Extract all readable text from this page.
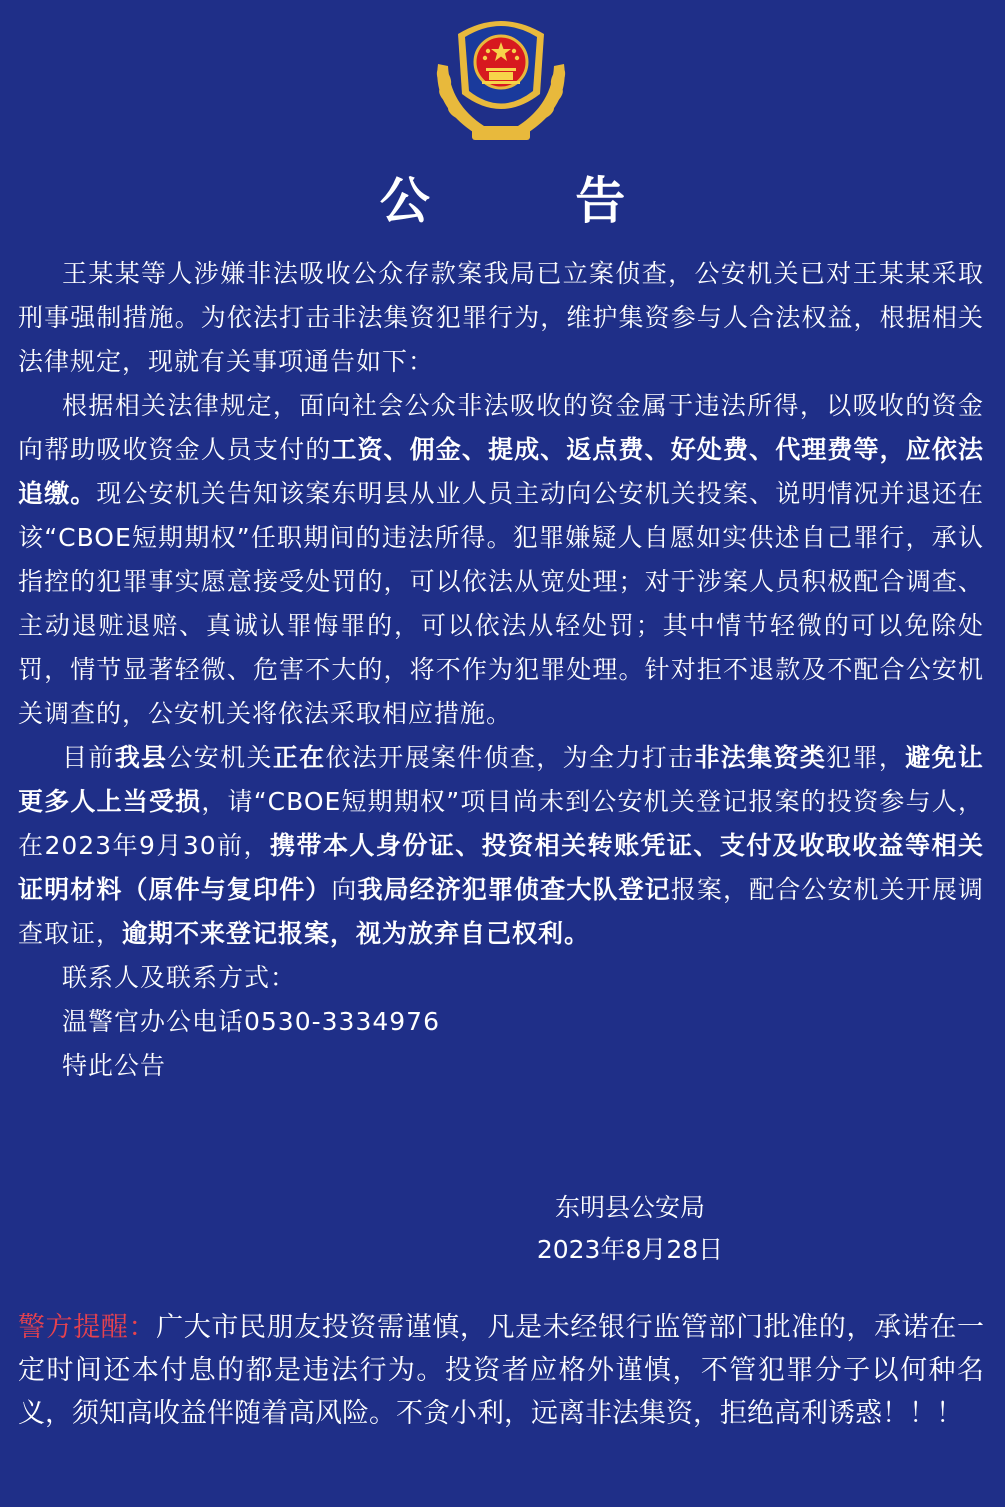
公 告

王某某等人涉嫌非法吸收公众存款案我局已立案侦查，公安机关已对王某某采取刑事强制措施。为依法打击非法集资犯罪行为，维护集资参与人合法权益，根据相关法律规定，现就有关事项通告如下：

根据相关法律规定，面向社会公众非法吸收的资金属于违法所得，以吸收的资金向帮助吸收资金人员支付的工资、佣金、提成、返点费、好处费、代理费等，应依法追缴。现公安机关告知该案东明县从业人员主动向公安机关投案、说明情况并退还在该“CBOE短期期权”任职期间的违法所得。犯罪嫌疑人自愿如实供述自己罪行，承认指控的犯罪事实愿意接受处罚的，可以依法从宽处理；对于涉案人员积极配合调查、主动退赃退赔、真诚认罪悔罪的，可以依法从轻处罚；其中情节轻微的可以免除处罚，情节显著轻微、危害不大的，将不作为犯罪处理。针对拒不退款及不配合公安机关调查的，公安机关将依法采取相应措施。

目前我县公安机关正在依法开展案件侦查，为全力打击非法集资类犯罪，避免让更多人上当受损，请“CBOE短期期权”项目尚未到公安机关登记报案的投资参与人，在2023年9月30前，携带本人身份证、投资相关转账凭证、支付及收取收益等相关证明材料（原件与复印件）向我局经济犯罪侦查大队登记报案，配合公安机关开展调查取证，逾期不来登记报案，视为放弃自己权利。

联系人及联系方式：

温警官办公电话0530-3334976

特此公告

东明县公安局
2023年8月28日
警方提醒：广大市民朋友投资需谨慎，凡是未经银行监管部门批准的，承诺在一定时间还本付息的都是违法行为。投资者应格外谨慎，不管犯罪分子以何种名义，须知高收益伴随着高风险。不贪小利，远离非法集资，拒绝高利诱惑！！！
